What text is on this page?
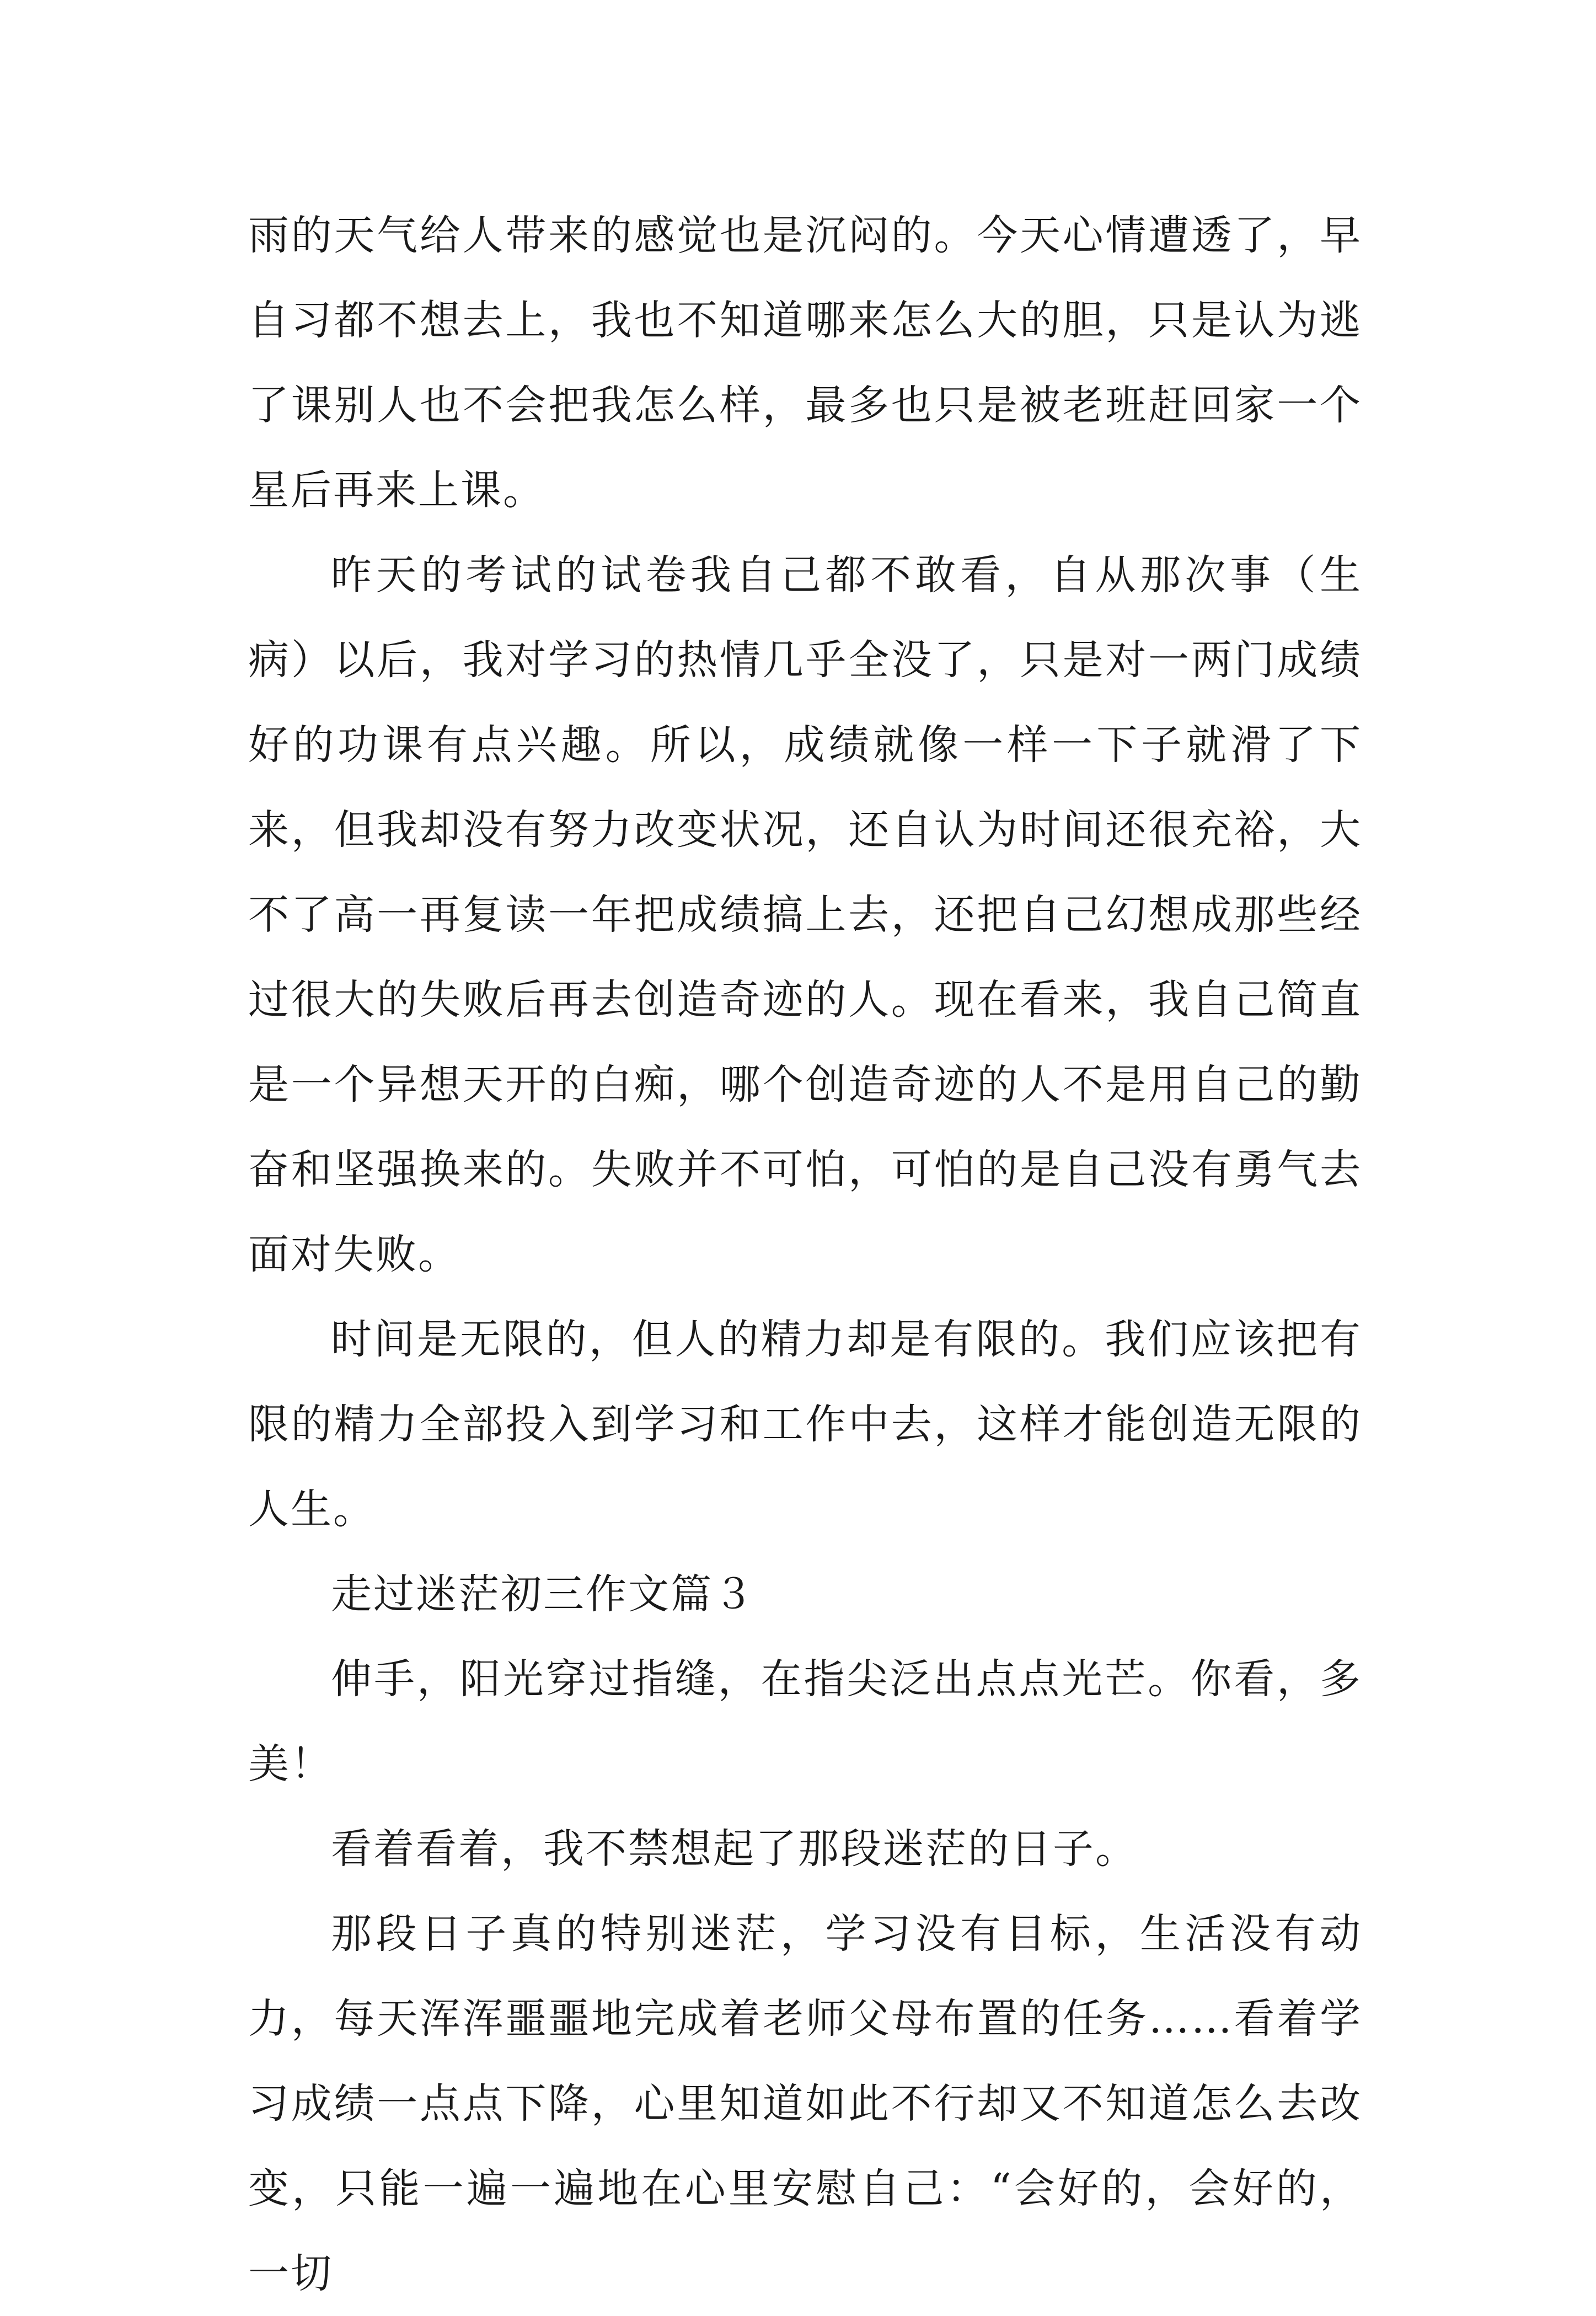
雨的天气给人带来的感觉也是沉闷的。今天心情遭透了，早自习都不想去上，我也不知道哪来怎么大的胆，只是认为逃了课别人也不会把我怎么样，最多也只是被老班赶回家一个星后再来上课。

昨天的考试的试卷我自己都不敢看，自从那次事（生病）以后，我对学习的热情几乎全没了，只是对一两门成绩好的功课有点兴趣。所以，成绩就像一样一下子就滑了下来，但我却没有努力改变状况，还自认为时间还很充裕，大不了高一再复读一年把成绩搞上去，还把自己幻想成那些经过很大的失败后再去创造奇迹的人。现在看来，我自己简直是一个异想天开的白痴，哪个创造奇迹的人不是用自己的勤奋和坚强换来的。失败并不可怕，可怕的是自己没有勇气去面对失败。

时间是无限的，但人的精力却是有限的。我们应该把有限的精力全部投入到学习和工作中去，这样才能创造无限的人生。

走过迷茫初三作文篇３

伸手，阳光穿过指缝，在指尖泛出点点光芒。你看，多美！

看着看着，我不禁想起了那段迷茫的日子。

那段日子真的特别迷茫，学习没有目标，生活没有动力，每天浑浑噩噩地完成着老师父母布置的任务……看着学习成绩一点点下降，心里知道如此不行却又不知道怎么去改变，只能一遍一遍地在心里安慰自己：“会好的，会好的，一切
